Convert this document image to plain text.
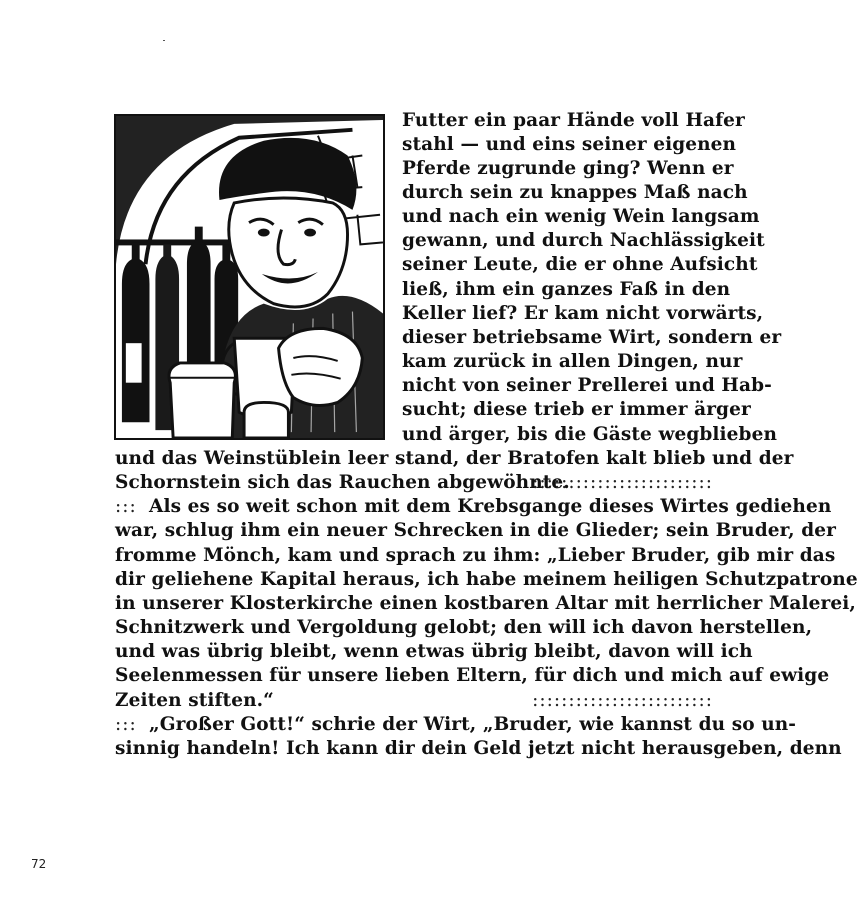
Futter ein paar Hände voll Hafer

stahl — und eins seiner eigenen

Pferde zugrunde ging? Wenn er

durch sein zu knappes Maß nach

und nach ein wenig Wein langsam

gewann, und durch Nachlässigkeit

seiner Leute, die er ohne Aufsicht

ließ, ihm ein ganzes Faß in den

Keller lief? Er kam nicht vorwärts,

dieser betriebsame Wirt, sondern er

kam zurück in allen Dingen, nur

nicht von seiner Prellerei und Hab-

sucht; diese trieb er immer ärger

und ärger, bis die Gäste wegblieben

und das Weinstüblein leer stand, der Bratofen kalt blieb und der

Schornstein sich das Rauchen abgewöhnte.

:::::::::::::::::::::::::

::: Als es so weit schon mit dem Krebsgange dieses Wirtes gediehen

war, schlug ihm ein neuer Schrecken in die Glieder; sein Bruder, der

fromme Mönch, kam und sprach zu ihm: „Lieber Bruder, gib mir das

dir geliehene Kapital heraus, ich habe meinem heiligen Schutzpatrone

in unserer Klosterkirche einen kostbaren Altar mit herrlicher Malerei,

Schnitzwerk und Vergoldung gelobt; den will ich davon herstellen,

und was übrig bleibt, wenn etwas übrig bleibt, davon will ich

Seelenmessen für unsere lieben Eltern, für dich und mich auf ewige

Zeiten stiften.“	:::::::::::::::::::::::::

::: „Großer Gott!“ schrie der Wirt, „Bruder, wie kannst du so un-

sinnig handeln! Ich kann dir dein Geld jetzt nicht herausgeben, denn

72
